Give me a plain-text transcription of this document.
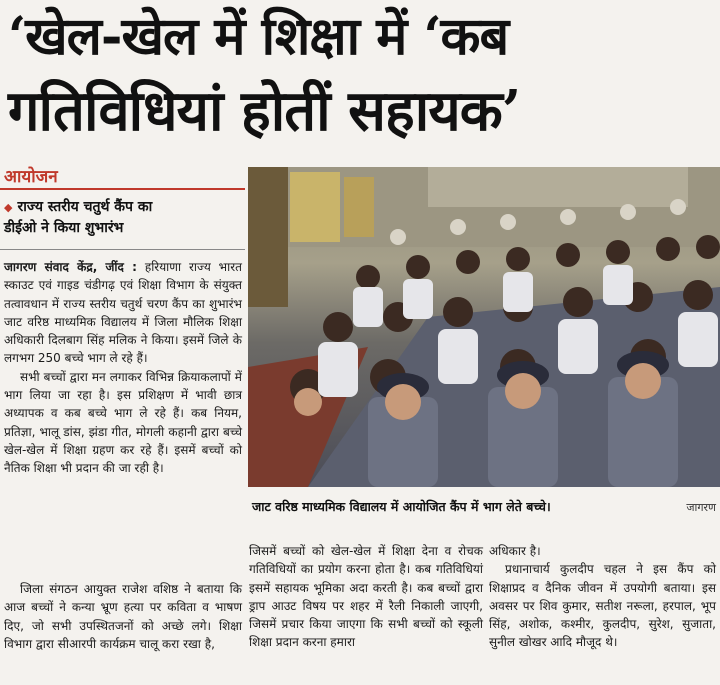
‘खेल-खेल में शिक्षा में ‘कब
गतिविधियां होतीं सहायक’
आयोजन
◆ राज्य स्तरीय चतुर्थ कैंप का
डीईओ ने किया शुभारंभ

जागरण संवाद केंद्र, जींद : हरियाणा राज्य भारत स्काउट एवं गाइड चंडीगढ़ एवं शिक्षा विभाग के संयुक्त तत्वावधान में राज्य स्तरीय चतुर्थ चरण कैंप का शुभारंभ जाट वरिष्ठ माध्यमिक विद्यालय में जिला मौलिक शिक्षा अधिकारी दिलबाग सिंह मलिक ने किया। इसमें जिले के लगभग 250 बच्चे भाग ले रहे हैं।

सभी बच्चों द्वारा मन लगाकर विभिन्न क्रियाकलापों में भाग लिया जा रहा है। इस प्रशिक्षण में भावी छात्र अध्यापक व कब बच्चे भाग ले रहे हैं। कब नियम, प्रतिज्ञा, भालू डांस, झंडा गीत, मोगली कहानी द्वारा बच्चे खेल-खेल में शिक्षा ग्रहण कर रहे हैं। इसमें बच्चों को नैतिक शिक्षा भी प्रदान की जा रही है।

जिला संगठन आयुक्त राजेश वशिष्ठ ने बताया कि आज बच्चों ने कन्या भ्रूण हत्या पर कविता व भाषण दिए, जो सभी उपस्थितजनों को अच्छे लगे। शिक्षा विभाग द्वारा सीआरपी कार्यक्रम चालू करा रखा है,

जिसमें बच्चों को खेल-खेल में शिक्षा देना व रोचक गतिविधियों का प्रयोग करना होता है। कब गतिविधियां इसमें सहायक भूमिका अदा करती है। कब बच्चों द्वारा ड्राप आउट विषय पर शहर में रैली निकाली जाएगी, जिसमें प्रचार किया जाएगा कि सभी बच्चों को स्कूली शिक्षा प्रदान करना हमारा

अधिकार है।

प्रधानाचार्य कुलदीप चहल ने इस कैंप को शिक्षाप्रद व दैनिक जीवन में उपयोगी बताया। इस अवसर पर शिव कुमार, सतीश नरूला, हरपाल, भूप सिंह, अशोक, कश्मीर, कुलदीप, सुरेश, सुजाता, सुनील खोखर आदि मौजूद थे।

जाट वरिष्ठ माध्यमिक विद्यालय में आयोजित कैंप में भाग लेते बच्चे।	जागरण
